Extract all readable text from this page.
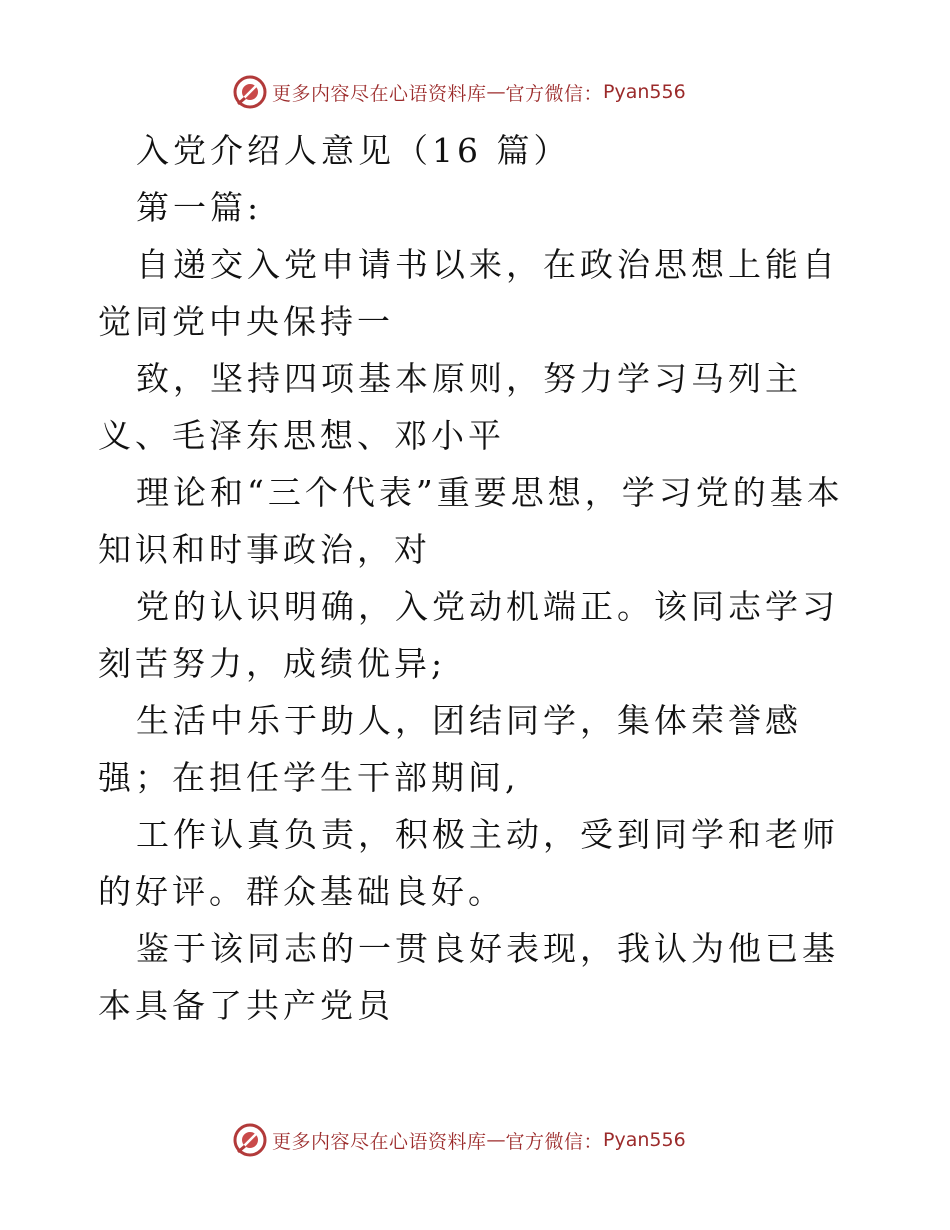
更多内容尽在心语资料库 — 官方微信： Pyan556

入党介绍人意见（16 篇）

第一篇:

自递交入党申请书以来，在政治思想上能自觉同党中央保持一

致，坚持四项基本原则，努力学习马列主义、毛泽东思想、邓小平

理论和“三个代表”重要思想，学习党的基本知识和时事政治，对

党的认识明确，入党动机端正。该同志学习刻苦努力，成绩优异;

生活中乐于助人，团结同学，集体荣誉感强；在担任学生干部期间,

工作认真负责，积极主动，受到同学和老师的好评。群众基础良好。

鉴于该同志的一贯良好表现，我认为他已基本具备了共产党员

更多内容尽在心语资料库 — 官方微信： Pyan556
